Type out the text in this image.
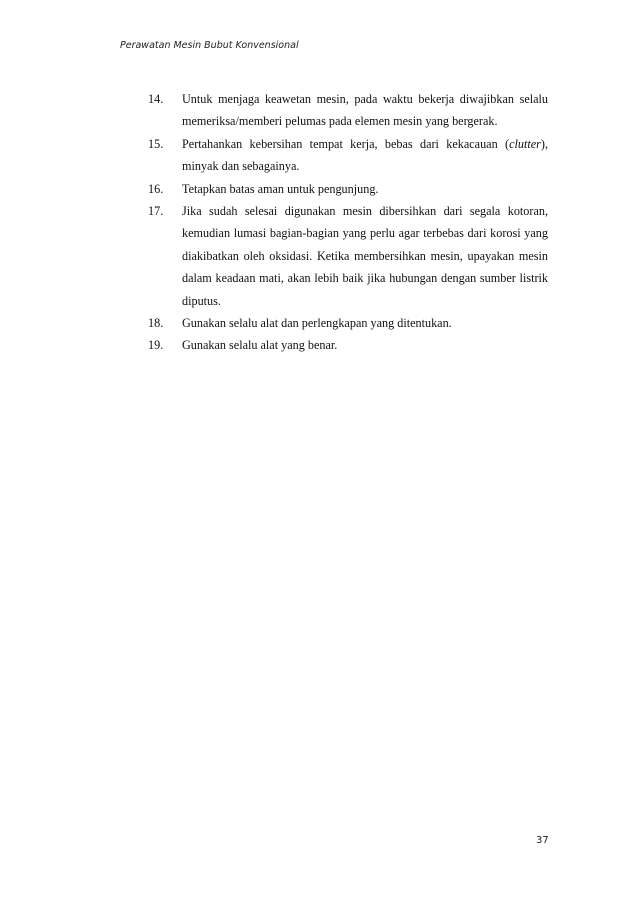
Perawatan Mesin Bubut Konvensional
14.	Untuk menjaga keawetan mesin, pada waktu bekerja diwajibkan selalu memeriksa/memberi pelumas pada elemen mesin yang bergerak.
15.	Pertahankan kebersihan tempat kerja, bebas dari kekacauan (clutter), minyak dan sebagainya.
16.	Tetapkan batas aman untuk pengunjung.
17.	Jika sudah selesai digunakan mesin dibersihkan dari segala kotoran, kemudian lumasi bagian-bagian yang perlu agar terbebas dari korosi yang diakibatkan oleh oksidasi. Ketika membersihkan mesin, upayakan mesin dalam keadaan mati, akan lebih baik jika hubungan dengan sumber listrik diputus.
18.	Gunakan selalu alat dan perlengkapan yang ditentukan.
19.	Gunakan selalu alat yang benar.
37
